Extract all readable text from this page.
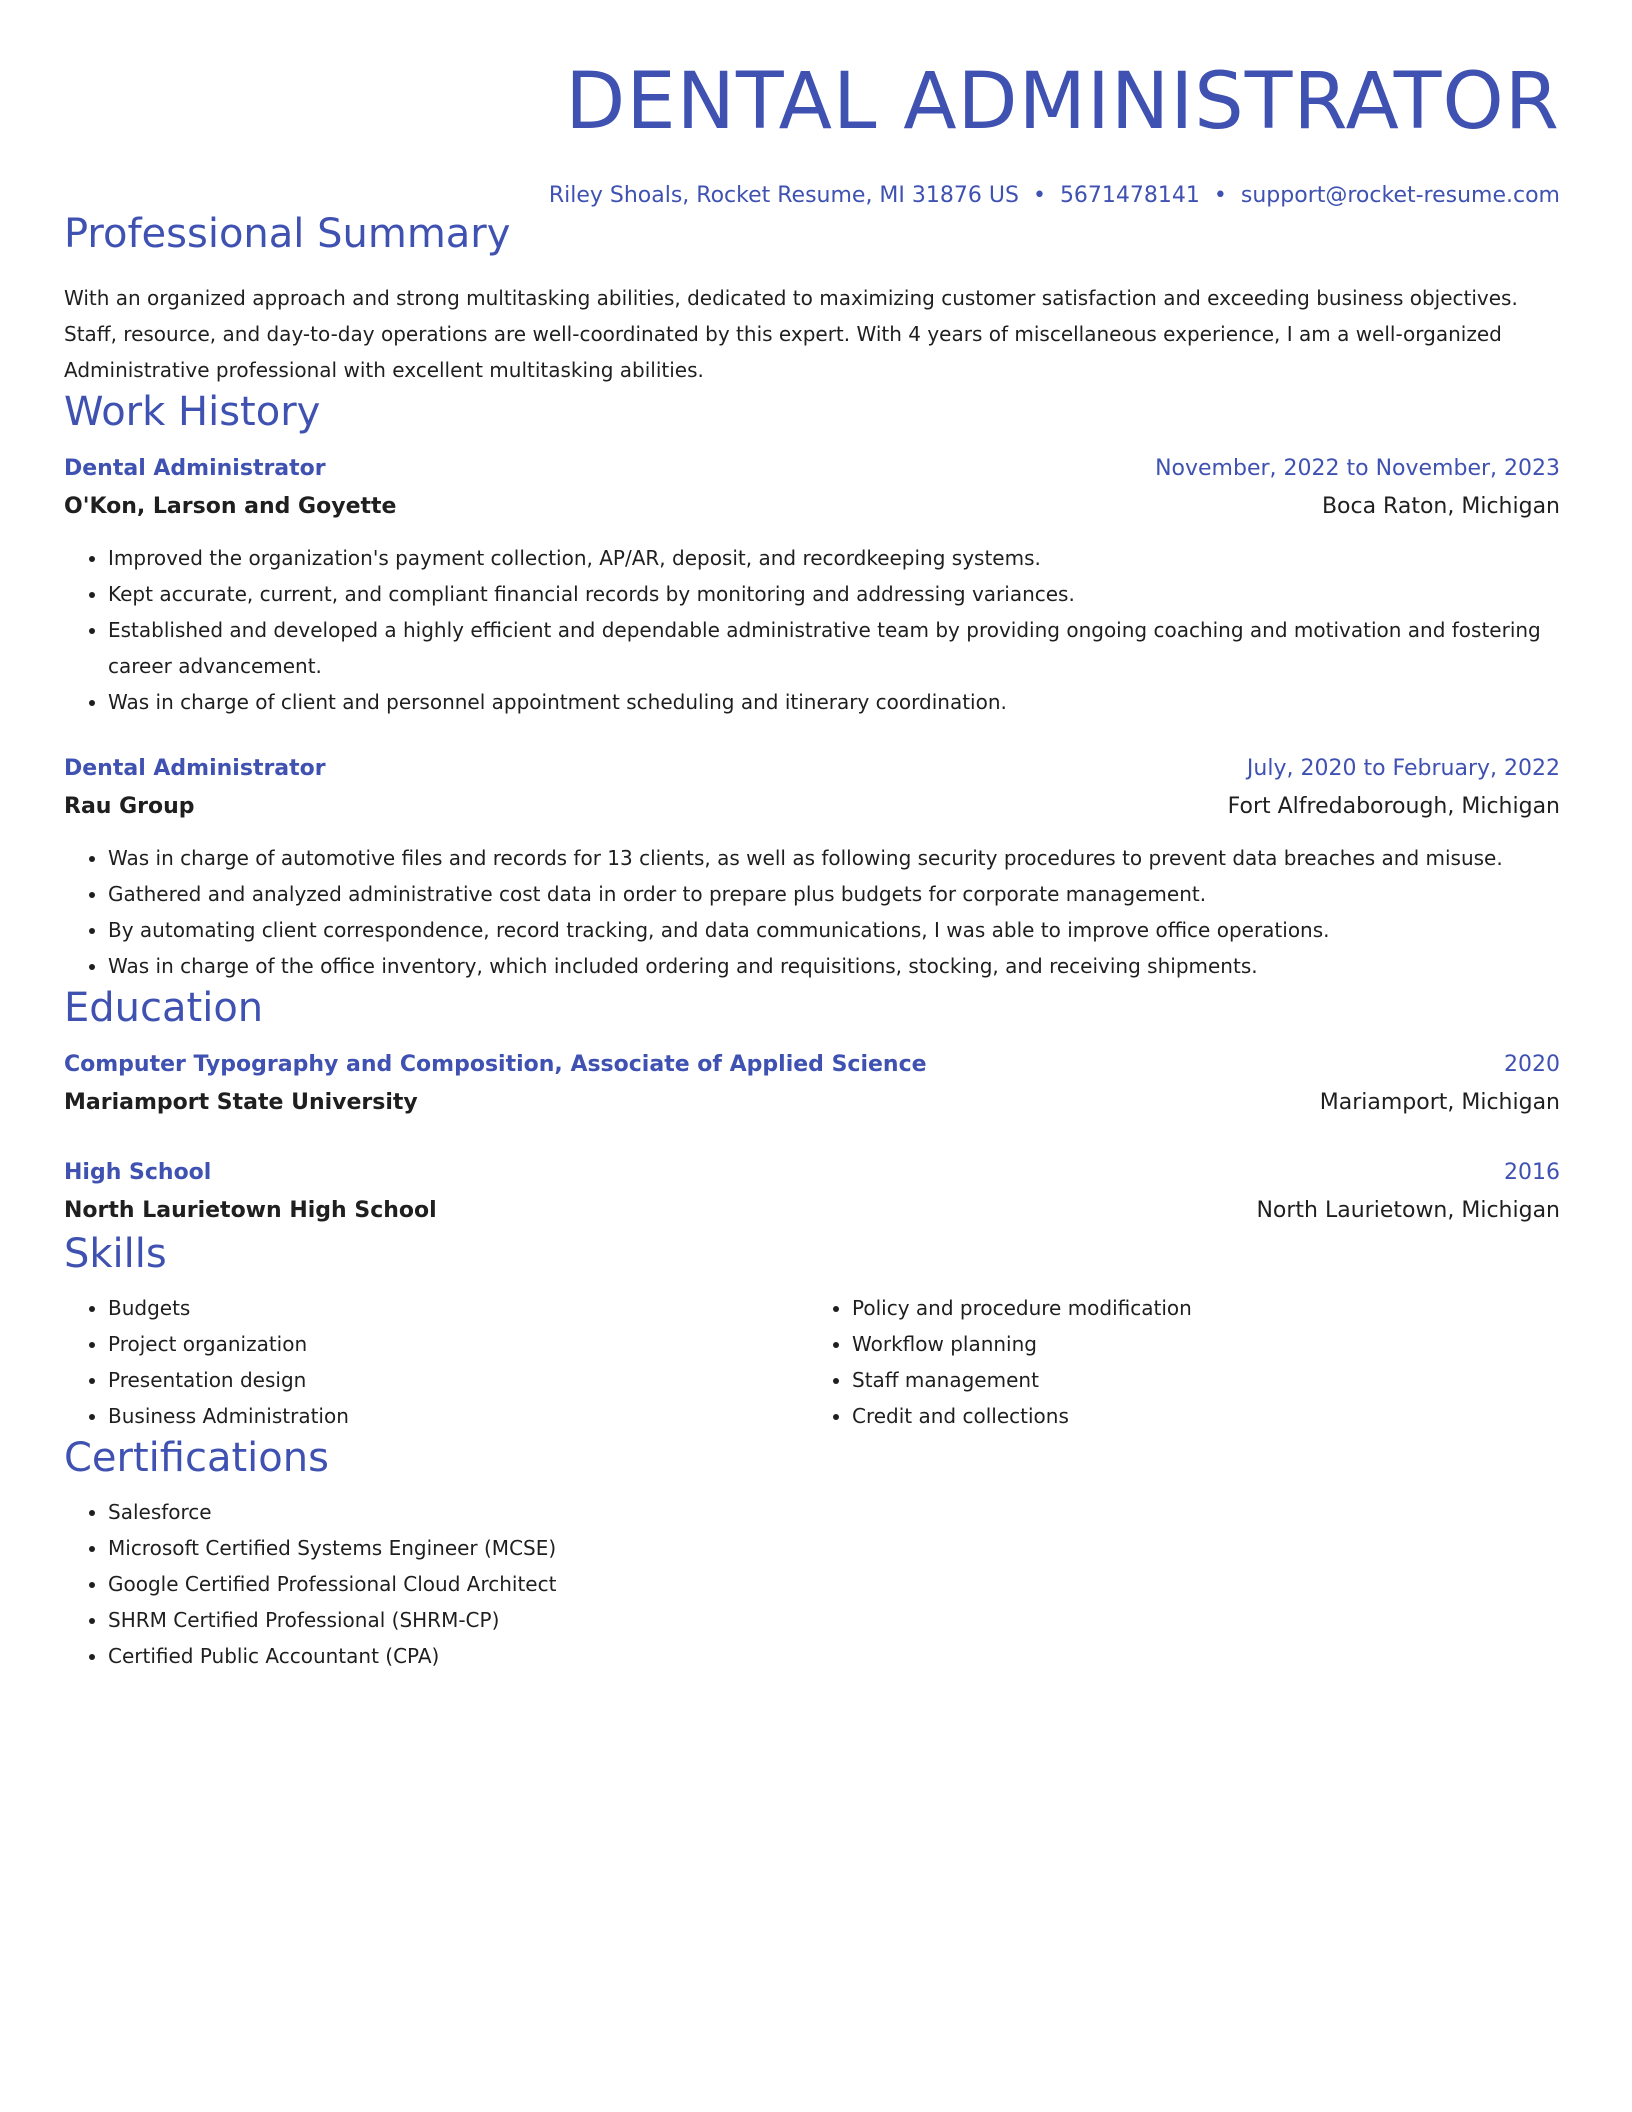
DENTAL ADMINISTRATOR
Riley Shoals, Rocket Resume, MI 31876 US • 5671478141 • support@rocket-resume.com
Professional Summary

With an organized approach and strong multitasking abilities, dedicated to maximizing customer satisfaction and exceeding business objectives. Staff, resource, and day-to-day operations are well-coordinated by this expert. With 4 years of miscellaneous experience, I am a well-organized Administrative professional with excellent multitasking abilities.

Work History
Dental Administrator	November, 2022 to November, 2023
O'Kon, Larson and Goyette	Boca Raton, Michigan
• Improved the organization's payment collection, AP/AR, deposit, and recordkeeping systems.
• Kept accurate, current, and compliant financial records by monitoring and addressing variances.
• Established and developed a highly efficient and dependable administrative team by providing ongoing coaching and motivation and fostering career advancement.
• Was in charge of client and personnel appointment scheduling and itinerary coordination.
Dental Administrator	July, 2020 to February, 2022
Rau Group	Fort Alfredaborough, Michigan
• Was in charge of automotive files and records for 13 clients, as well as following security procedures to prevent data breaches and misuse.
• Gathered and analyzed administrative cost data in order to prepare plus budgets for corporate management.
• By automating client correspondence, record tracking, and data communications, I was able to improve office operations.
• Was in charge of the office inventory, which included ordering and requisitions, stocking, and receiving shipments.
Education
Computer Typography and Composition, Associate of Applied Science	2020
Mariamport State University	Mariamport, Michigan
High School	2016
North Laurietown High School	North Laurietown, Michigan
Skills
• Budgets
• Project organization
• Presentation design
• Business Administration
• Policy and procedure modification
• Workflow planning
• Staff management
• Credit and collections
Certifications
• Salesforce
• Microsoft Certified Systems Engineer (MCSE)
• Google Certified Professional Cloud Architect
• SHRM Certified Professional (SHRM-CP)
• Certified Public Accountant (CPA)
